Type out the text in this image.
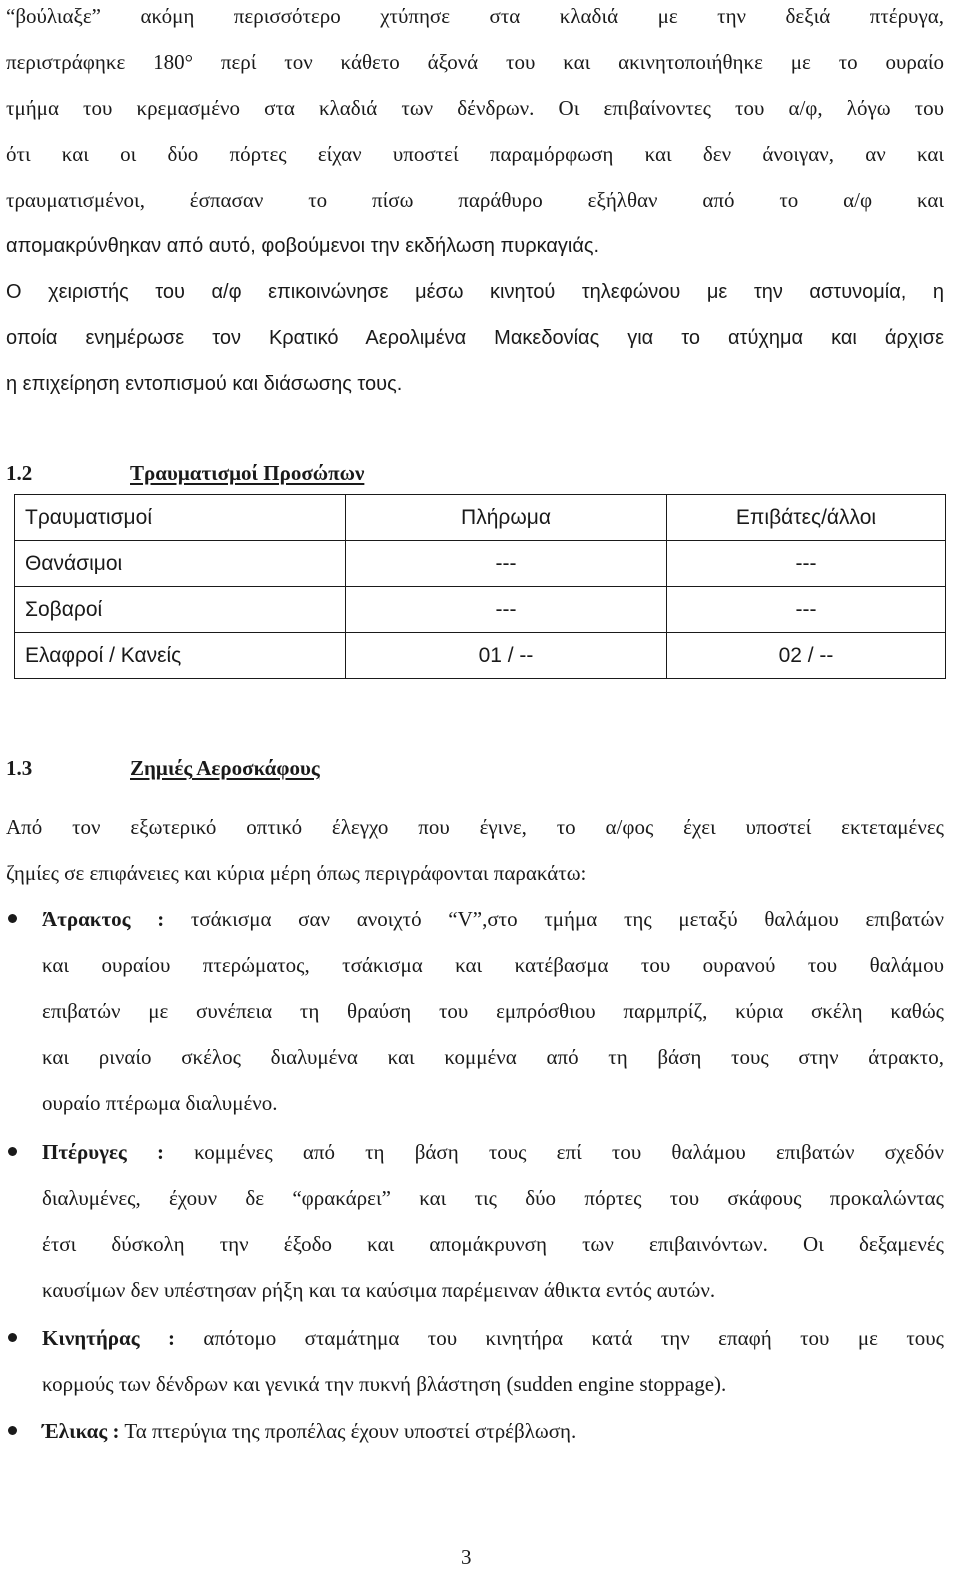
“βούλιαξε” ακόμη περισσότερο χτύπησε στα κλαδιά με την δεξιά πτέρυγα,
περιστράφηκε 180° περί τον κάθετο άξονά του και ακινητοποιήθηκε με το ουραίο
τμήμα του κρεμασμένο στα κλαδιά των δένδρων. Οι επιβαίνοντες του α/φ, λόγω του
ότι και οι δύο πόρτες είχαν υποστεί παραμόρφωση και δεν άνοιγαν, αν και
τραυματισμένοι, έσπασαν το πίσω παράθυρο εξήλθαν από το α/φ και
απομακρύνθηκαν από αυτό, φοβούμενοι την εκδήλωση πυρκαγιάς.
Ο χειριστής του α/φ επικοινώνησε μέσω κινητού τηλεφώνου με την αστυνομία, η
οποία ενημέρωσε τον Κρατικό Αερολιμένα Μακεδονίας για το ατύχημα και άρχισε
η επιχείρηση εντοπισμού και διάσωσης τους.
1.2	Τραυματισμοί Προσώπων
Τραυματισμοί	Πλήρωμα	Επιβάτες/άλλοι
Θανάσιμοι	---	---
Σοβαροί	---	---
Ελαφροί / Κανείς	01 / --	02 / --
1.3	Ζημιές Αεροσκάφους
Από τον εξωτερικό οπτικό έλεγχο που έγινε, το α/φος έχει υποστεί εκτεταμένες
ζημίες σε επιφάνειες και κύρια μέρη όπως περιγράφονται παρακάτω:
Άτρακτος : τσάκισμα σαν ανοιχτό “V”,στο τμήμα της μεταξύ θαλάμου επιβατών
και ουραίου πτερώματος, τσάκισμα και κατέβασμα του ουρανού του θαλάμου
επιβατών με συνέπεια τη θραύση του εμπρόσθιου παρμπρίζ, κύρια σκέλη καθώς
και ριναίο σκέλος διαλυμένα και κομμένα από τη βάση τους στην άτρακτο,
ουραίο πτέρωμα διαλυμένο.
Πτέρυγες : κομμένες από τη βάση τους επί του θαλάμου επιβατών σχεδόν
διαλυμένες, έχουν δε “φρακάρει” και τις δύο πόρτες του σκάφους προκαλώντας
έτσι δύσκολη την έξοδο και απομάκρυνση των επιβαινόντων. Οι δεξαμενές
καυσίμων δεν υπέστησαν ρήξη και τα καύσιμα παρέμειναν άθικτα εντός αυτών.
Κινητήρας : απότομο σταμάτημα του κινητήρα κατά την επαφή του με τους
κορμούς των δένδρων και γενικά την πυκνή βλάστηση (sudden engine stoppage).
Έλικας : Τα πτερύγια της προπέλας έχουν υποστεί στρέβλωση.
3
